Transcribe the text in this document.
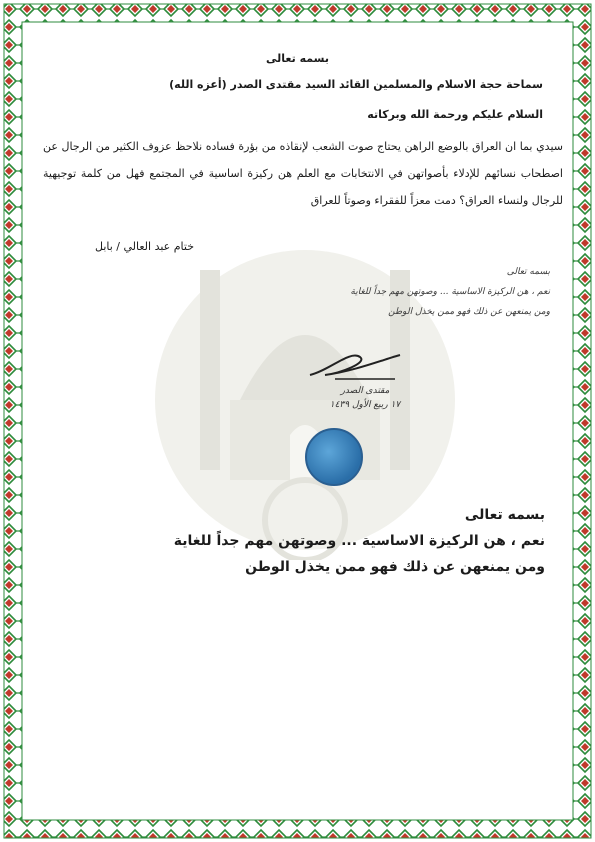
بسمه تعالى
سماحة حجة الاسلام والمسلمين القائد السيد مقتدى الصدر (أعزه الله)
السلام عليكم ورحمة الله وبركاته
سيدي بما ان العراق بالوضع الراهن يحتاج صوت الشعب لإنقاذه من بؤرة فساده نلاحظ عزوف الكثير من الرجال عن اصطحاب نسائهم للإدلاء بأصواتهن في الانتخابات مع العلم هن ركيزة اساسية في المجتمع فهل من كلمة توجيهية للرجال ولنساء العراق؟ دمت معزاً للفقراء وصوتاً للعراق
ختام عبد العالي / بابل
بسمه تعالى
نعم ، هن الركيزة الاساسية ... وصوتهن مهم جداً للغاية
ومن يمنعهن عن ذلك فهو ممن يخذل الوطن
مقتدى الصدر
١٧ ربيع الأول ١٤٣٩
بسمه تعالى
نعم ، هن الركيزة الاساسية ... وصوتهن مهم جداً للغاية
ومن يمنعهن عن ذلك فهو ممن يخذل الوطن
